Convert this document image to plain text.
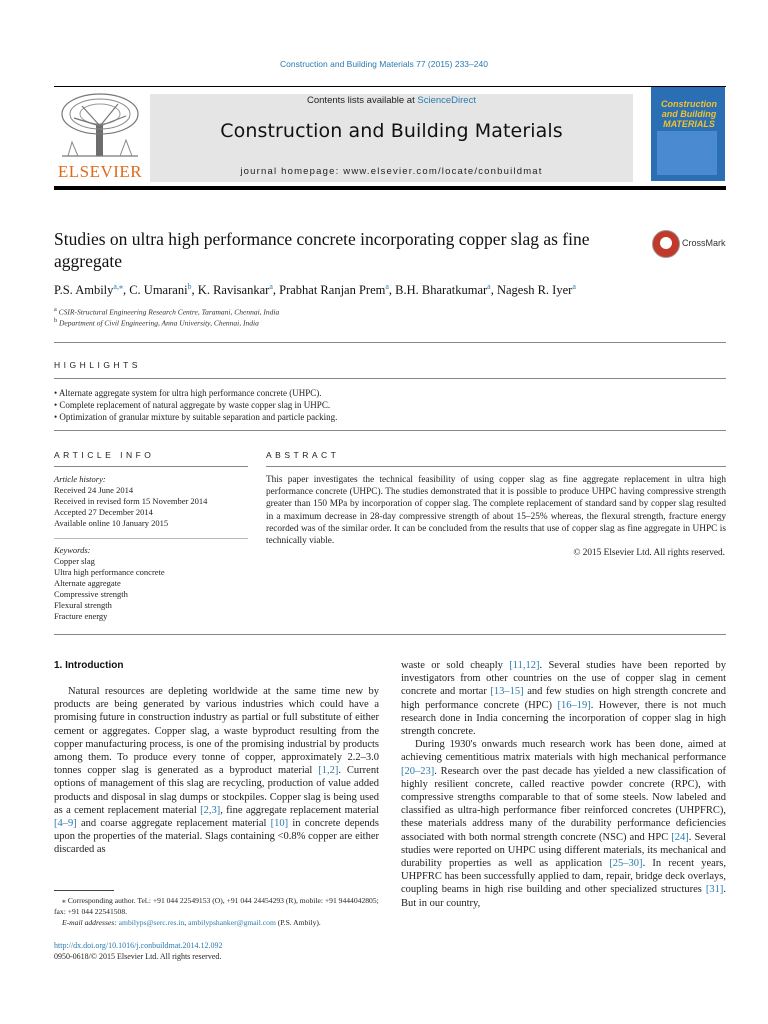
Construction and Building Materials 77 (2015) 233–240
ELSEVIER
Contents lists available at ScienceDirect
Construction and Building Materials
journal homepage: www.elsevier.com/locate/conbuildmat
Construction and Building MATERIALS
Studies on ultra high performance concrete incorporating copper slag as fine aggregate
CrossMark
P.S. Ambily$^{a,⁎}$, C. Umarani$^b$, K. Ravisankar$^a$, Prabhat Ranjan Prem$^a$, B.H. Bharatkumar$^a$, Nagesh R. Iyer$^a$
$^a$ CSIR-Structural Engineering Research Centre, Taramani, Chennai, India
$^b$ Department of Civil Engineering, Anna University, Chennai, India
HIGHLIGHTS
• Alternate aggregate system for ultra high performance concrete (UHPC).
• Complete replacement of natural aggregate by waste copper slag in UHPC.
• Optimization of granular mixture by suitable separation and particle packing.
ARTICLE INFO
Article history:
Received 24 June 2014
Received in revised form 15 November 2014
Accepted 27 December 2014
Available online 10 January 2015
Keywords:
Copper slag
Ultra high performance concrete
Alternate aggregate
Compressive strength
Flexural strength
Fracture energy
ABSTRACT
This paper investigates the technical feasibility of using copper slag as fine aggregate replacement in ultra high performance concrete (UHPC). The studies demonstrated that it is possible to produce UHPC having compressive strength greater than 150 MPa by incorporation of copper slag. The complete replacement of standard sand by copper slag resulted in a maximum decrease in 28-day compressive strength of about 15–25% whereas, the flexural strength, fracture energy recorded was of the similar order. It can be concluded from the results that use of copper slag as fine aggregate in UHPC is technically viable.
© 2015 Elsevier Ltd. All rights reserved.
1. Introduction

Natural resources are depleting worldwide at the same time new by products are being generated by various industries which could have a promising future in construction industry as partial or full substitute of either cement or aggregates. Copper slag, a waste byproduct resulting from the copper manufacturing process, is one of the promising industrial by products among them. To produce every tonne of copper, approximately 2.2–3.0 tonnes copper slag is generated as a byproduct material [1,2]. Current options of management of this slag are recycling, production of value added products and disposal in slag dumps or stockpiles. Copper slag is being used as a cement replacement material [2,3], fine aggregate replacement material [4–9] and coarse aggregate replacement material [10] in concrete depends upon the properties of the material. Slags containing <0.8% copper are either discarded as

waste or sold cheaply [11,12]. Several studies have been reported by investigators from other countries on the use of copper slag in cement concrete and mortar [13–15] and few studies on high strength concrete and high performance concrete (HPC) [16–19]. However, there is not much research done in India concerning the incorporation of copper slag in high strength concrete.

During 1930's onwards much research work has been done, aimed at achieving cementitious matrix materials with high mechanical performance [20–23]. Research over the past decade has yielded a new classification of highly resilient concrete, called reactive powder concrete (RPC), with compressive strengths comparable to that of some steels. Now labeled and classified as ultra-high performance fiber reinforced concretes (UHPFRC), these materials address many of the durability performance deficiencies associated with both normal strength concrete (NSC) and HPC [24]. Several studies were reported on UHPC using different materials, its mechanical and durability properties as well as application [25–30]. In recent years, UHPFRC has been successfully applied to dam, repair, bridge deck overlays, coupling beams in high rise building and other specialized structures [31]. But in our country,

⁎ Corresponding author. Tel.: +91 044 22549153 (O), +91 044 24454293 (R), mobile: +91 9444042805; fax: +91 044 22541508.
E-mail addresses: ambilyps@serc.res.in, ambilypshanker@gmail.com (P.S. Ambily).
http://dx.doi.org/10.1016/j.conbuildmat.2014.12.092
0950-0618/© 2015 Elsevier Ltd. All rights reserved.
